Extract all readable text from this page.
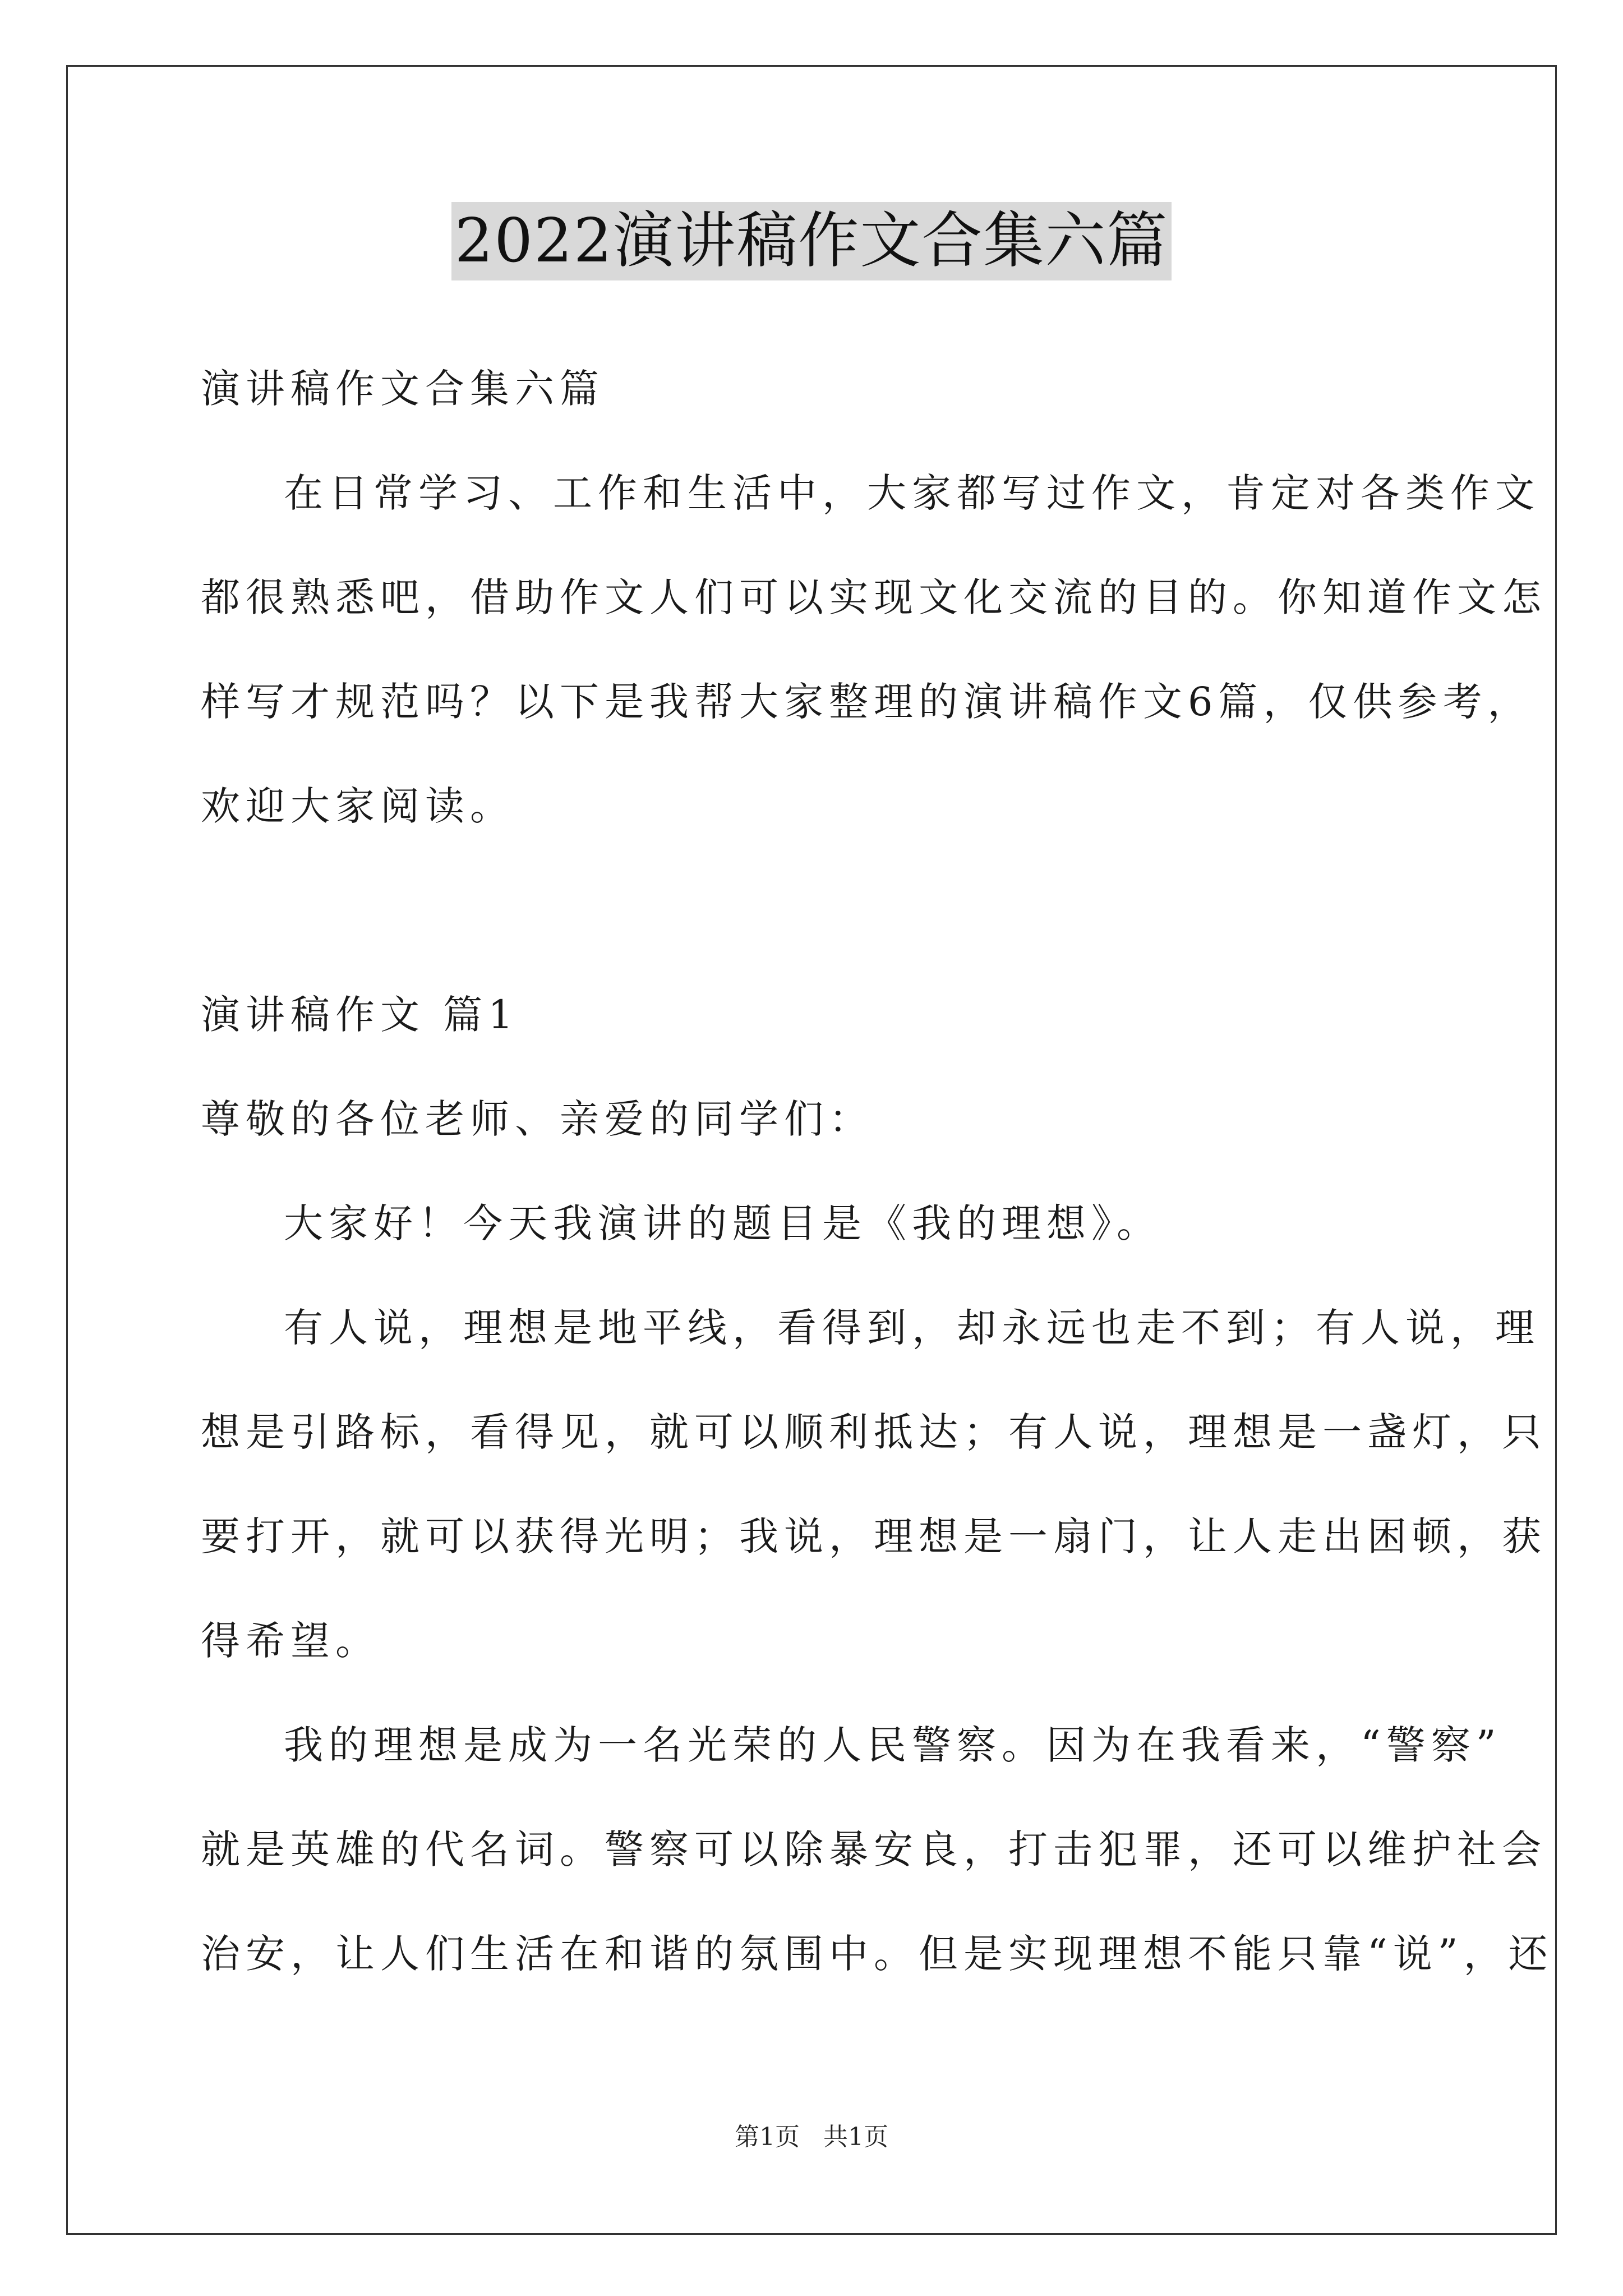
2022演讲稿作文合集六篇
演讲稿作文合集六篇
在日常学习、工作和生活中，大家都写过作文，肯定对各类作文
都很熟悉吧，借助作文人们可以实现文化交流的目的。你知道作文怎
样写才规范吗？以下是我帮大家整理的演讲稿作文6篇，仅供参考，
欢迎大家阅读。
演讲稿作文 篇1
尊敬的各位老师、亲爱的同学们：
大家好！今天我演讲的题目是《我的理想》。
有人说，理想是地平线，看得到，却永远也走不到；有人说，理
想是引路标，看得见，就可以顺利抵达；有人说，理想是一盏灯，只
要打开，就可以获得光明；我说，理想是一扇门，让人走出困顿，获
得希望。
我的理想是成为一名光荣的人民警察。因为在我看来，“警察”
就是英雄的代名词。警察可以除暴安良，打击犯罪，还可以维护社会
治安，让人们生活在和谐的氛围中。但是实现理想不能只靠“说”，还
第1页 共1页
